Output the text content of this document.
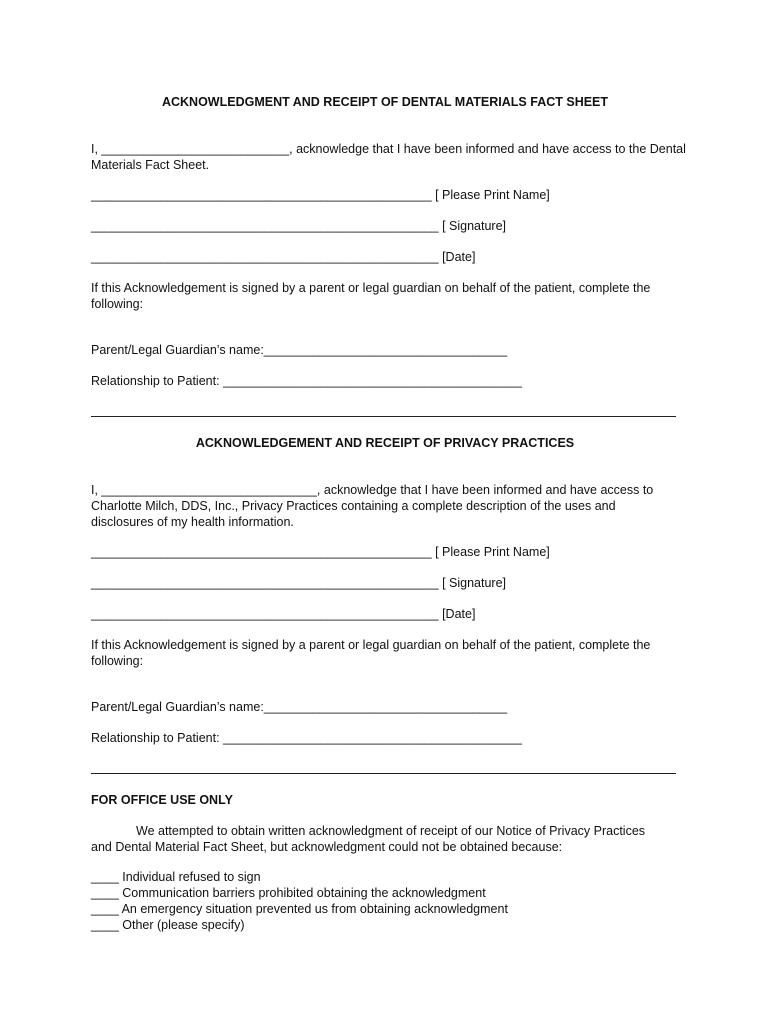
ACKNOWLEDGMENT AND RECEIPT OF DENTAL MATERIALS FACT SHEET
I, ___________________________, acknowledge that I have been informed and have access to the Dental
Materials Fact Sheet.
_________________________________________________ [ Please Print Name]
__________________________________________________ [ Signature]
__________________________________________________ [Date]
If this Acknowledgement is signed by a parent or legal guardian on behalf of the patient, complete the
following:
Parent/Legal Guardian’s name:___________________________________
Relationship to Patient: ___________________________________________
ACKNOWLEDGEMENT AND RECEIPT OF PRIVACY PRACTICES
I, _______________________________, acknowledge that I have been informed and have access to
Charlotte Milch, DDS, Inc., Privacy Practices containing a complete description of the uses and
disclosures of my health information.
_________________________________________________ [ Please Print Name]
__________________________________________________ [ Signature]
__________________________________________________ [Date]
If this Acknowledgement is signed by a parent or legal guardian on behalf of the patient, complete the
following:
Parent/Legal Guardian’s name:___________________________________
Relationship to Patient: ___________________________________________
FOR OFFICE USE ONLY
We attempted to obtain written acknowledgment of receipt of our Notice of Privacy Practices
and Dental Material Fact Sheet, but acknowledgment could not be obtained because:
____ Individual refused to sign
____ Communication barriers prohibited obtaining the acknowledgment
____ An emergency situation prevented us from obtaining acknowledgment
____ Other (please specify)
